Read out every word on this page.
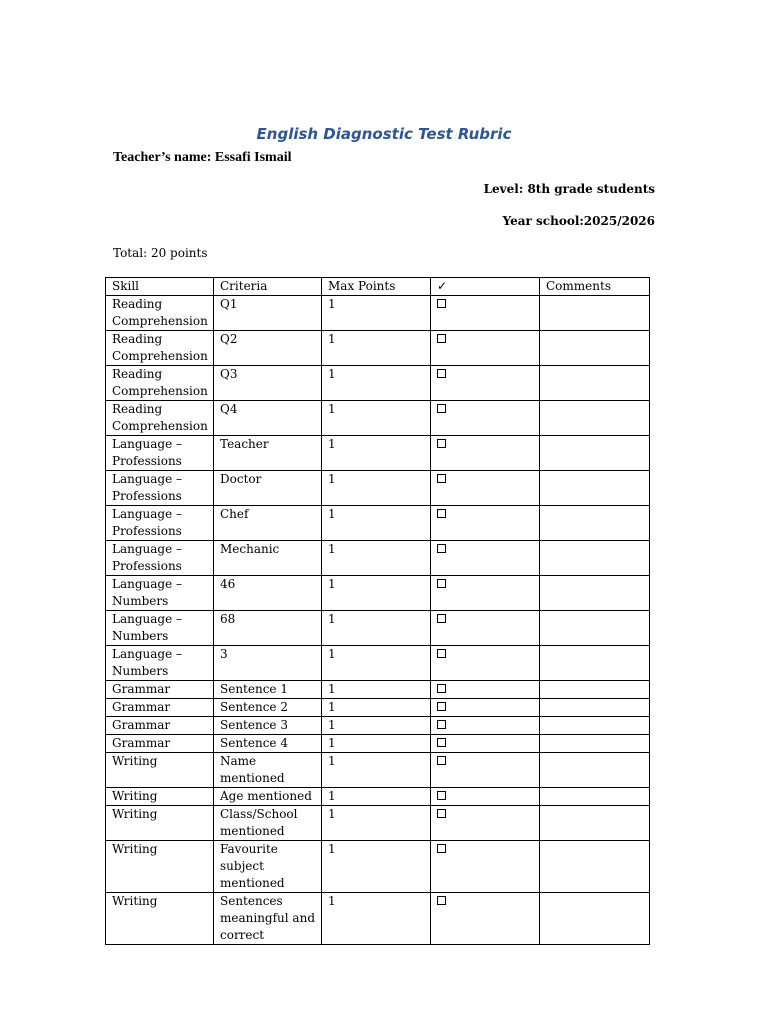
English Diagnostic Test Rubric
Teacher’s name: Essafi Ismail
Level: 8th grade students
Year school:2025/2026
Total: 20 points
Skill	Criteria	Max Points	✓	Comments
Reading Comprehension	Q1	1		
Reading Comprehension	Q2	1		
Reading Comprehension	Q3	1		
Reading Comprehension	Q4	1		
Language – Professions	Teacher	1		
Language – Professions	Doctor	1		
Language – Professions	Chef	1		
Language – Professions	Mechanic	1		
Language – Numbers	46	1		
Language – Numbers	68	1		
Language – Numbers	3	1		
Grammar	Sentence 1	1		
Grammar	Sentence 2	1		
Grammar	Sentence 3	1		
Grammar	Sentence 4	1		
Writing	Name mentioned	1		
Writing	Age mentioned	1		
Writing	Class/School mentioned	1		
Writing	Favourite subject mentioned	1		
Writing	Sentences meaningful and correct	1		
